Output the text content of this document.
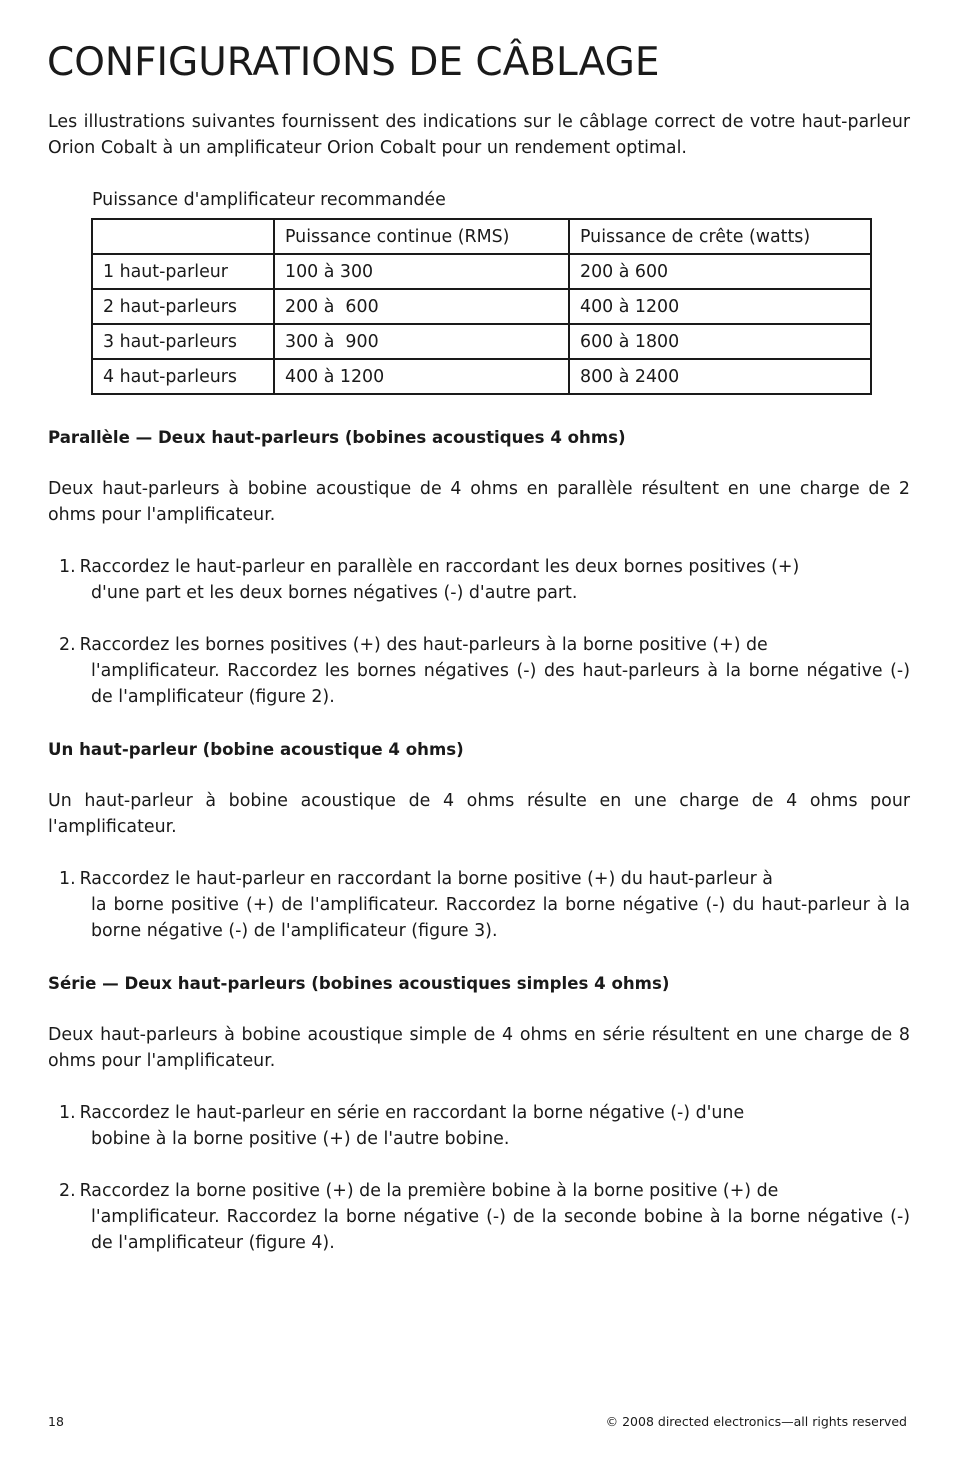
CONFIGURATIONS DE CÂBLAGE

Les illustrations suivantes fournissent des indications sur le câblage correct de votre haut-parleur Orion Cobalt à un amplificateur Orion Cobalt pour un rendement optimal.

Puissance d'amplificateur recommandée

	Puissance continue (RMS)	Puissance de crête (watts)
1 haut-parleur	100 à 300	200 à 600
2 haut-parleurs	200 à  600	400 à 1200
3 haut-parleurs	300 à  900	600 à 1800
4 haut-parleurs	400 à 1200	800 à 2400

Parallèle — Deux haut-parleurs (bobines acoustiques 4 ohms)

Deux haut-parleurs à bobine acoustique de 4 ohms en parallèle résultent en une charge de 2 ohms pour l'amplificateur.

1. Raccordez le haut-parleur en parallèle en raccordant les deux bornes positives (+)
d'une part et les deux bornes négatives (-) d'autre part.

2. Raccordez les bornes positives (+) des haut-parleurs à la borne positive (+) de
l'amplificateur. Raccordez les bornes négatives (-) des haut-parleurs à la borne négative (-) de l'amplificateur (figure 2).

Un haut-parleur (bobine acoustique 4 ohms)

Un haut-parleur à bobine acoustique de 4 ohms résulte en une charge de 4 ohms pour l'amplificateur.

1. Raccordez le haut-parleur en raccordant la borne positive (+) du haut-parleur à
la borne positive (+) de l'amplificateur. Raccordez la borne négative (-) du haut-parleur à la borne négative (-) de l'amplificateur (figure 3).

Série — Deux haut-parleurs (bobines acoustiques simples 4 ohms)

Deux haut-parleurs à bobine acoustique simple de 4 ohms en série résultent en une charge de 8 ohms pour l'amplificateur.

1. Raccordez le haut-parleur en série en raccordant la borne négative (-) d'une
bobine à la borne positive (+) de l'autre bobine.

2. Raccordez la borne positive (+) de la première bobine à la borne positive (+) de
l'amplificateur. Raccordez la borne négative (-) de la seconde bobine à la borne négative (-) de l'amplificateur (figure 4).

18	© 2008 directed electronics—all rights reserved
